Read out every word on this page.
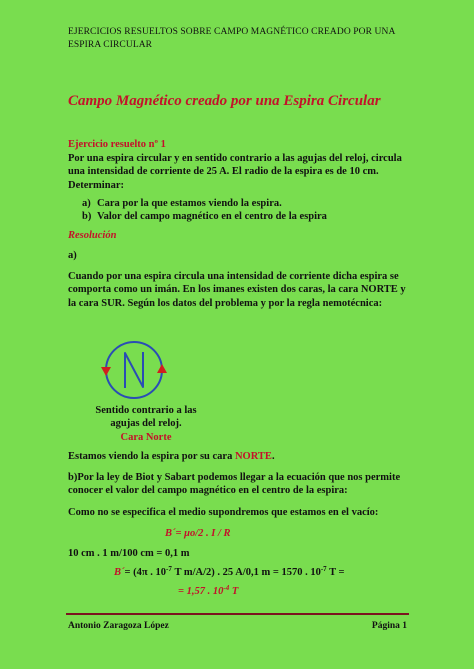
EJERCICIOS RESUELTOS SOBRE CAMPO MAGNÉTICO CREADO POR UNA ESPIRA CIRCULAR
Campo Magnético creado por una Espira Circular
Ejercicio resuelto nº 1
Por una espira circular y en sentido contrario a las agujas del reloj, circula una intensidad de corriente de 25 A. El radio de la espira es de 10 cm. Determinar:
a) Cara por la que estamos viendo la espira.
b) Valor del campo magnético en el centro de la espira
Resolución
a)
Cuando por una espira circula una intensidad de corriente dicha espira se comporta como un imán. En los imanes existen dos caras, la cara NORTE y la cara SUR. Según los datos del problema y por la regla nemotécnica:
Sentido contrario a las agujas del reloj.
Cara Norte
Estamos viendo la espira por su cara NORTE.
b)Por la ley de Biot y Sabart podemos llegar a la ecuación que nos permite conocer el valor del campo magnético en el centro de la espira:
Como no se especifica el medio supondremos que estamos en el vacío:
B´= μo/2 . I / R
10 cm . 1 m/100 cm = 0,1 m
B´= (4π . $10^{-7}$ T m/A/2) . 25 A/0,1 m = 1570 . $10^{-7}$ T =
= 1,57 . $10^{-4}$ T
Antonio Zaragoza López	Página 1
